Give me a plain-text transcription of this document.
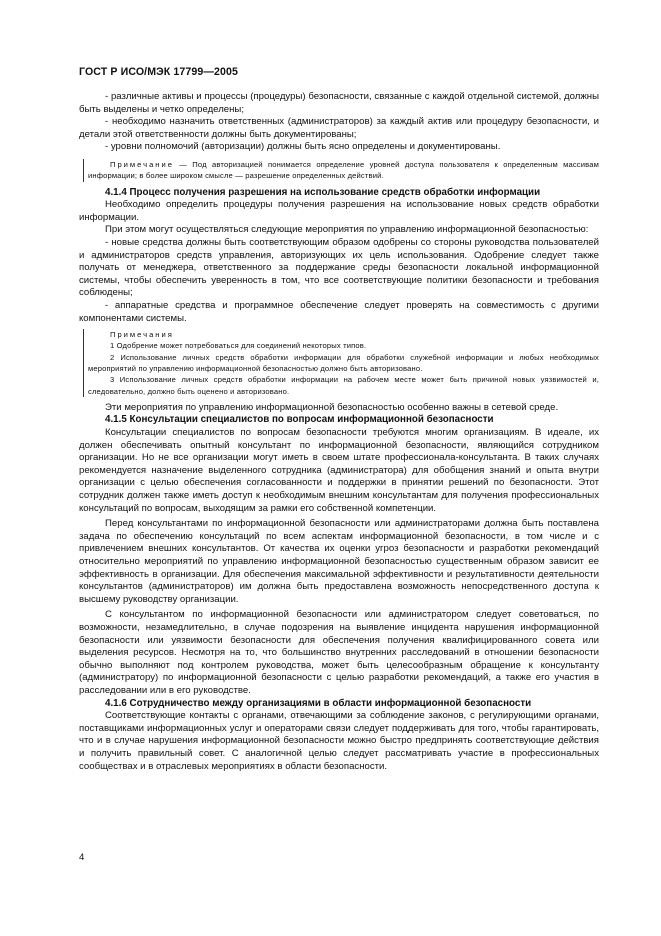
ГОСТ Р ИСО/МЭК 17799—2005

- различные активы и процессы (процедуры) безопасности, связанные с каждой отдельной системой, должны быть выделены и четко определены;

- необходимо назначить ответственных (администраторов) за каждый актив или процедуру безопасности, и детали этой ответственности должны быть документированы;

- уровни полномочий (авторизации) должны быть ясно определены и документированы.

Примечание — Под авторизацией понимается определение уровней доступа пользователя к определенным массивам информации; в более широком смысле — разрешение определенных действий.

4.1.4 Процесс получения разрешения на использование средств обработки информации

Необходимо определить процедуры получения разрешения на использование новых средств обработки информации.

При этом могут осуществляться следующие мероприятия по управлению информационной безопасностью:

- новые средства должны быть соответствующим образом одобрены со стороны руководства пользователей и администраторов средств управления, авторизующих их цель использования. Одобрение следует также получать от менеджера, ответственного за поддержание среды безопасности локальной информационной системы, чтобы обеспечить уверенность в том, что все соответствующие политики безопасности и требования соблюдены;

- аппаратные средства и программное обеспечение следует проверять на совместимость с другими компонентами системы.

Примечания

1 Одобрение может потребоваться для соединений некоторых типов.

2 Использование личных средств обработки информации для обработки служебной информации и любых необходимых мероприятий по управлению информационной безопасностью должно быть авторизовано.

3 Использование личных средств обработки информации на рабочем месте может быть причиной новых уязвимостей и, следовательно, должно быть оценено и авторизовано.

Эти мероприятия по управлению информационной безопасностью особенно важны в сетевой среде.

4.1.5 Консультации специалистов по вопросам информационной безопасности

Консультации специалистов по вопросам безопасности требуются многим организациям. В идеале, их должен обеспечивать опытный консультант по информационной безопасности, являющийся сотрудником организации. Но не все организации могут иметь в своем штате профессионала-консультанта. В таких случаях рекомендуется назначение выделенного сотрудника (администратора) для обобщения знаний и опыта внутри организации с целью обеспечения согласованности и поддержки в принятии решений по безопасности. Этот сотрудник должен также иметь доступ к необходимым внешним консультантам для получения профессиональных консультаций по вопросам, выходящим за рамки его собственной компетенции.

Перед консультантами по информационной безопасности или администраторами должна быть поставлена задача по обеспечению консультаций по всем аспектам информационной безопасности, в том числе и с привлечением внешних консультантов. От качества их оценки угроз безопасности и разработки рекомендаций относительно мероприятий по управлению информационной безопасностью существенным образом зависит ее эффективность в организации. Для обеспечения максимальной эффективности и результативности деятельности консультантов (администраторов) им должна быть предоставлена возможность непосредственного доступа к высшему руководству организации.

С консультантом по информационной безопасности или администратором следует советоваться, по возможности, незамедлительно, в случае подозрения на выявление инцидента нарушения информационной безопасности или уязвимости безопасности для обеспечения получения квалифицированного совета или выделения ресурсов. Несмотря на то, что большинство внутренних расследований в отношении безопасности обычно выполняют под контролем руководства, может быть целесообразным обращение к консультанту (администратору) по информационной безопасности с целью разработки рекомендаций, а также его участия в расследовании или в его руководстве.

4.1.6 Сотрудничество между организациями в области информационной безопасности

Соответствующие контакты с органами, отвечающими за соблюдение законов, с регулирующими органами, поставщиками информационных услуг и операторами связи следует поддерживать для того, чтобы гарантировать, что и в случае нарушения информационной безопасности можно быстро предпринять соответствующие действия и получить правильный совет. С аналогичной целью следует рассматривать участие в профессиональных сообществах и в отраслевых мероприятиях в области безопасности.

4
